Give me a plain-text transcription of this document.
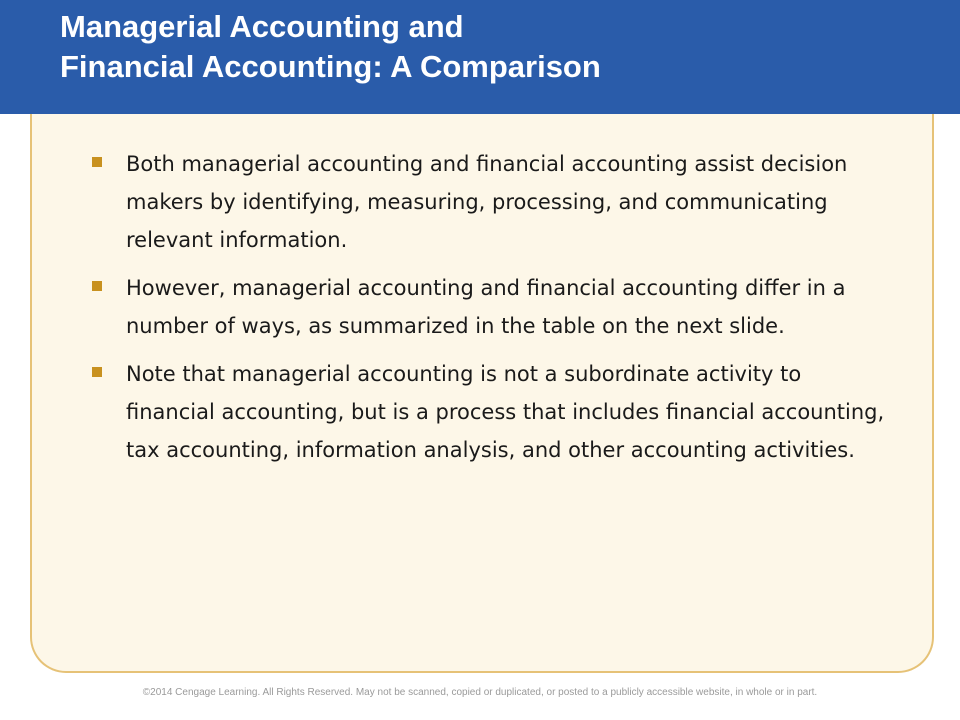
Managerial Accounting and
Financial Accounting: A Comparison
Both managerial accounting and financial accounting assist decision makers by identifying, measuring, processing, and communicating relevant information.
However, managerial accounting and financial accounting differ in a number of ways, as summarized in the table on the next slide.
Note that managerial accounting is not a subordinate activity to financial accounting, but is a process that includes financial accounting, tax accounting, information analysis, and other accounting activities.
©2014 Cengage Learning. All Rights Reserved. May not be scanned, copied or duplicated, or posted to a publicly accessible website, in whole or in part.
